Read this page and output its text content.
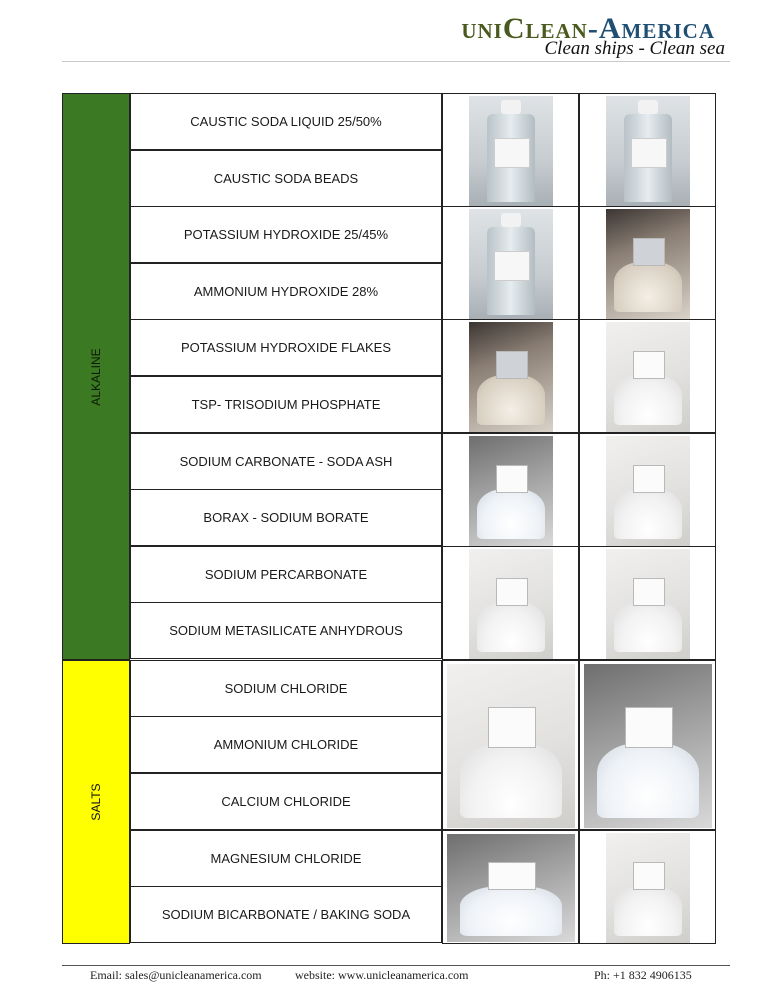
uniClean-America
Clean ships - Clean sea
ALKALINE
SALTS
CAUSTIC SODA LIQUID 25/50%
CAUSTIC SODA BEADS
POTASSIUM HYDROXIDE 25/45%
AMMONIUM HYDROXIDE 28%
POTASSIUM HYDROXIDE FLAKES
TSP- TRISODIUM PHOSPHATE
SODIUM CARBONATE - SODA ASH
BORAX - SODIUM BORATE
SODIUM PERCARBONATE
SODIUM METASILICATE ANHYDROUS
SODIUM CHLORIDE
AMMONIUM CHLORIDE
CALCIUM CHLORIDE
MAGNESIUM CHLORIDE
SODIUM BICARBONATE / BAKING SODA
Email: sales@unicleanamerica.com	website: www.unicleanamerica.com	Ph: +1 832 4906135
